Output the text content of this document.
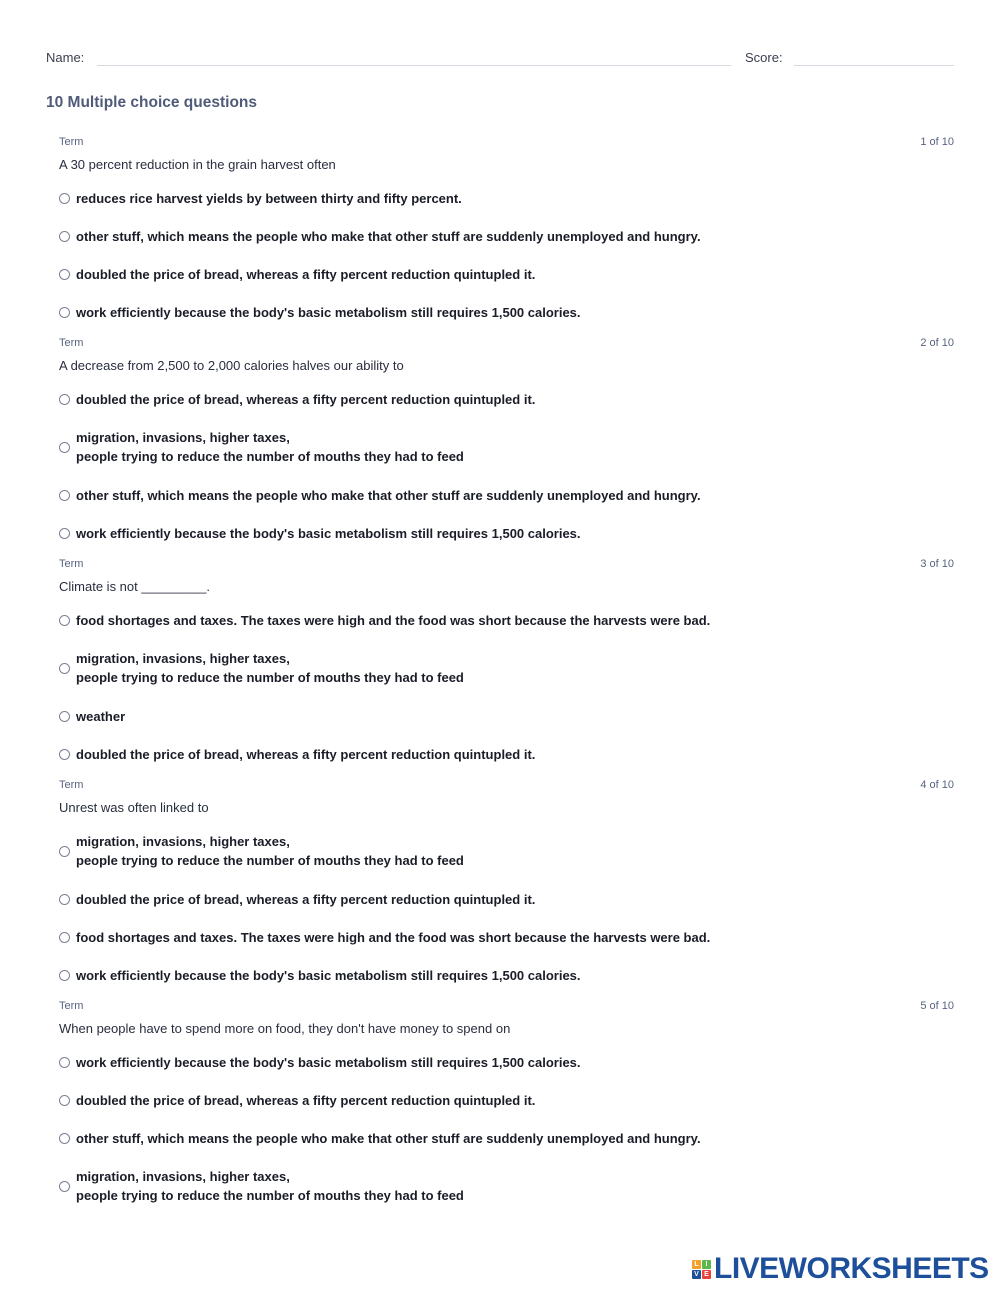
Name:	Score:
10 Multiple choice questions
Term	1 of 10
A 30 percent reduction in the grain harvest often
reduces rice harvest yields by between thirty and fifty percent.
other stuff, which means the people who make that other stuff are suddenly unemployed and hungry.
doubled the price of bread, whereas a fifty percent reduction quintupled it.
work efficiently because the body's basic metabolism still requires 1,500 calories.
Term	2 of 10
A decrease from 2,500 to 2,000 calories halves our ability to
doubled the price of bread, whereas a fifty percent reduction quintupled it.
migration, invasions, higher taxes,
people trying to reduce the number of mouths they had to feed
other stuff, which means the people who make that other stuff are suddenly unemployed and hungry.
work efficiently because the body's basic metabolism still requires 1,500 calories.
Term	3 of 10
Climate is not _________.
food shortages and taxes. The taxes were high and the food was short because the harvests were bad.
migration, invasions, higher taxes,
people trying to reduce the number of mouths they had to feed
weather
doubled the price of bread, whereas a fifty percent reduction quintupled it.
Term	4 of 10
Unrest was often linked to
migration, invasions, higher taxes,
people trying to reduce the number of mouths they had to feed
doubled the price of bread, whereas a fifty percent reduction quintupled it.
food shortages and taxes. The taxes were high and the food was short because the harvests were bad.
work efficiently because the body's basic metabolism still requires 1,500 calories.
Term	5 of 10
When people have to spend more on food, they don't have money to spend on
work efficiently because the body's basic metabolism still requires 1,500 calories.
doubled the price of bread, whereas a fifty percent reduction quintupled it.
other stuff, which means the people who make that other stuff are suddenly unemployed and hungry.
migration, invasions, higher taxes,
people trying to reduce the number of mouths they had to feed
L I
V E LIVEWORKSHEETS
